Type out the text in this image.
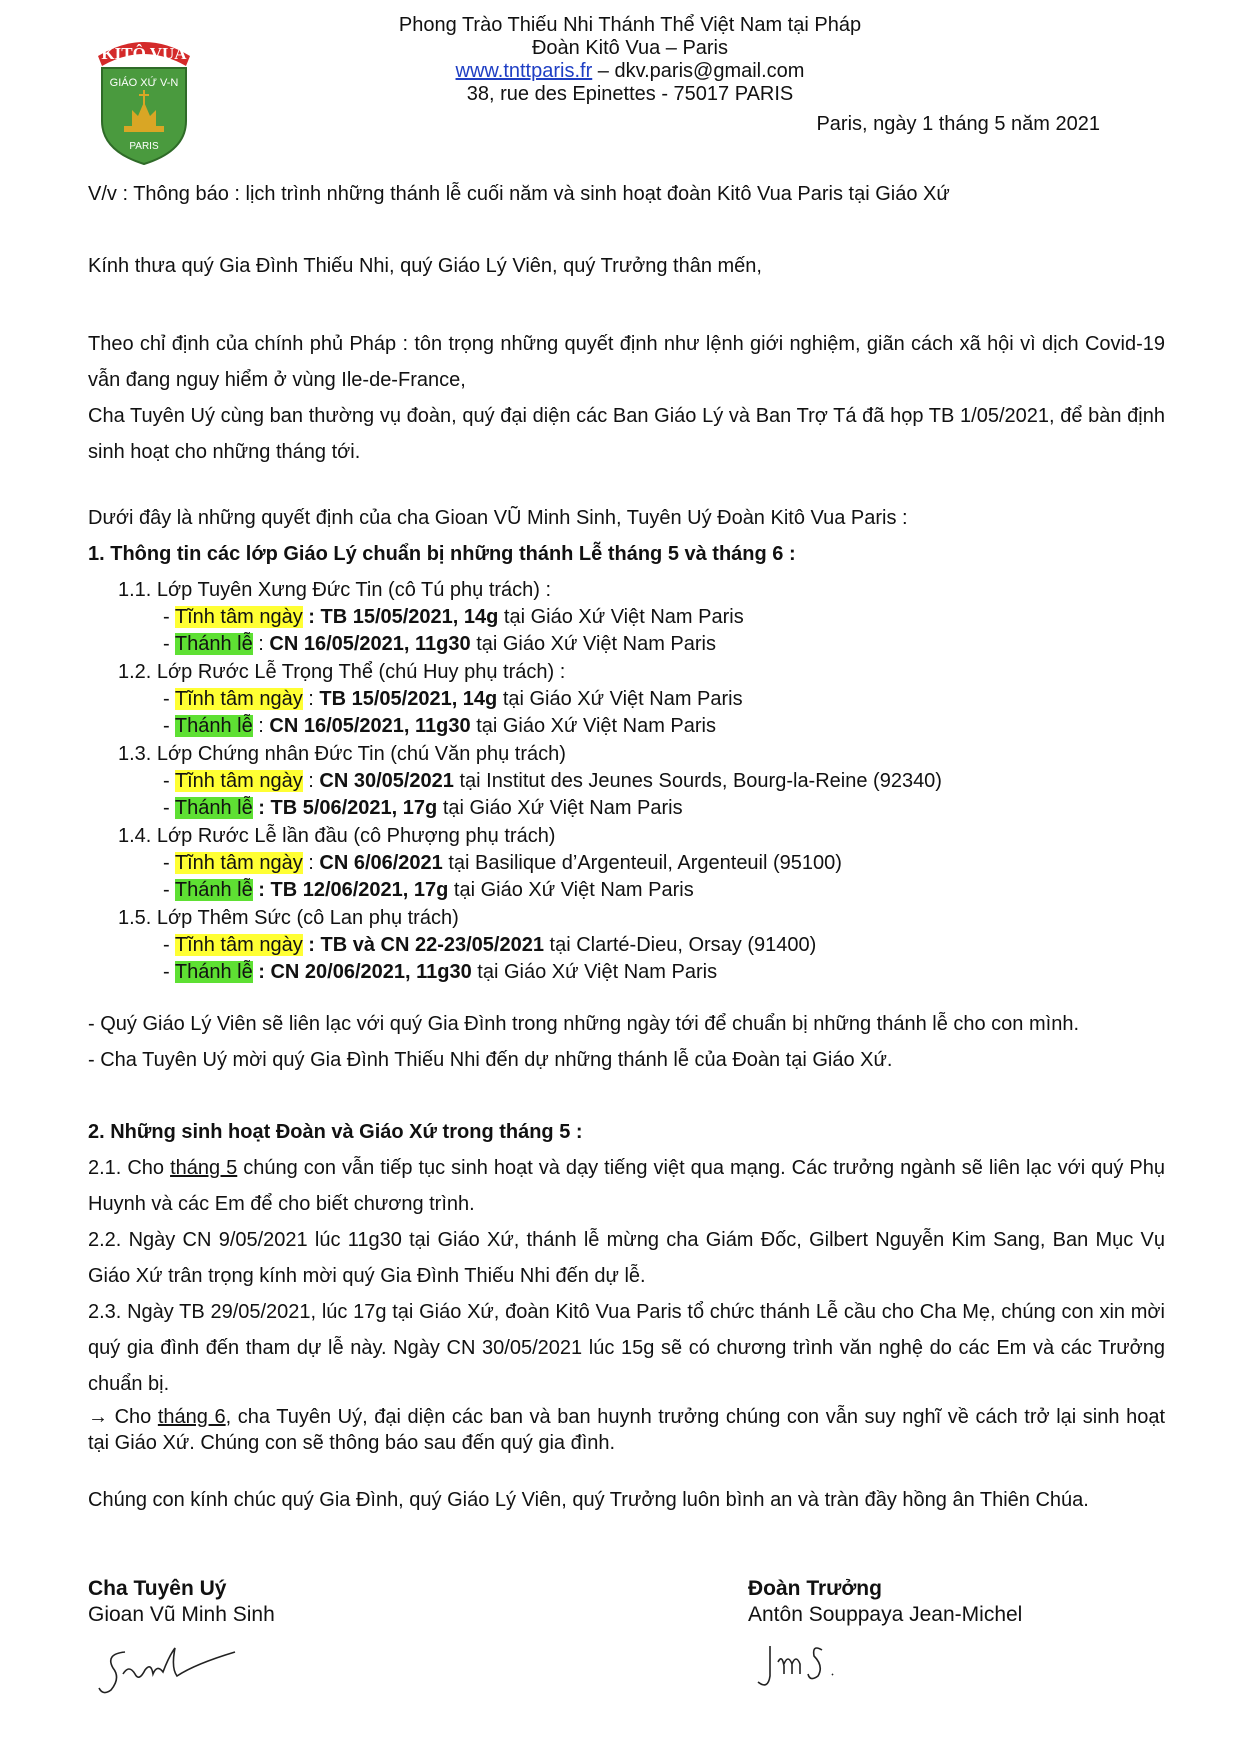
KITÔ VUA
GIÁO XỨ V-N
PARIS
Phong Trào Thiếu Nhi Thánh Thể Việt Nam tại Pháp
Đoàn Kitô Vua – Paris
www.tnttparis.fr – dkv.paris@gmail.com
38, rue des Epinettes - 75017 PARIS
Paris, ngày 1 tháng 5 năm 2021
V/v : Thông báo : lịch trình những thánh lễ cuối năm và sinh hoạt đoàn Kitô Vua Paris tại Giáo Xứ
Kính thưa quý Gia Đình Thiếu Nhi, quý Giáo Lý Viên, quý Trưởng thân mến,
Theo chỉ định của chính phủ Pháp : tôn trọng những quyết định như lệnh giới nghiệm, giãn cách xã hội vì dịch Covid-19 vẫn đang nguy hiểm ở vùng Ile-de-France,
Cha Tuyên Uý cùng ban thường vụ đoàn, quý đại diện các Ban Giáo Lý và Ban Trợ Tá đã họp TB 1/05/2021, để bàn định sinh hoạt cho những tháng tới.
Dưới đây là những quyết định của cha Gioan VŨ Minh Sinh, Tuyên Uý Đoàn Kitô Vua Paris :
1. Thông tin các lớp Giáo Lý chuẩn bị những thánh Lễ tháng 5 và tháng 6 :
1.1. Lớp Tuyên Xưng Đức Tin (cô Tú phụ trách) :
- Tĩnh tâm ngày : TB 15/05/2021, 14g tại Giáo Xứ Việt Nam Paris
- Thánh lễ : CN 16/05/2021, 11g30 tại Giáo Xứ Việt Nam Paris
1.2. Lớp Rước Lễ Trọng Thể (chú Huy phụ trách) :
- Tĩnh tâm ngày : TB 15/05/2021, 14g tại Giáo Xứ Việt Nam Paris
- Thánh lễ : CN 16/05/2021, 11g30 tại Giáo Xứ Việt Nam Paris
1.3. Lớp Chứng nhân Đức Tin (chú Văn phụ trách)
- Tĩnh tâm ngày : CN 30/05/2021 tại Institut des Jeunes Sourds, Bourg-la-Reine (92340)
- Thánh lễ : TB 5/06/2021, 17g tại Giáo Xứ Việt Nam Paris
1.4. Lớp Rước Lễ lần đầu (cô Phượng phụ trách)
- Tĩnh tâm ngày : CN 6/06/2021 tại Basilique d’Argenteuil, Argenteuil (95100)
- Thánh lễ : TB 12/06/2021, 17g tại Giáo Xứ Việt Nam Paris
1.5. Lớp Thêm Sức (cô Lan phụ trách)
- Tĩnh tâm ngày : TB và CN 22-23/05/2021 tại Clarté-Dieu, Orsay (91400)
- Thánh lễ : CN 20/06/2021, 11g30 tại Giáo Xứ Việt Nam Paris
- Quý Giáo Lý Viên sẽ liên lạc với quý Gia Đình trong những ngày tới để chuẩn bị những thánh lễ cho con mình.
- Cha Tuyên Uý mời quý Gia Đình Thiếu Nhi đến dự những thánh lễ của Đoàn tại Giáo Xứ.
2. Những sinh hoạt Đoàn và Giáo Xứ trong tháng 5 :
2.1. Cho tháng 5 chúng con vẫn tiếp tục sinh hoạt và dạy tiếng việt qua mạng. Các trưởng ngành sẽ liên lạc với quý Phụ Huynh và các Em để cho biết chương trình.
2.2. Ngày CN 9/05/2021 lúc 11g30 tại Giáo Xứ, thánh lễ mừng cha Giám Đốc, Gilbert Nguyễn Kim Sang, Ban Mục Vụ Giáo Xứ trân trọng kính mời quý Gia Đình Thiếu Nhi đến dự lễ.
2.3. Ngày TB 29/05/2021, lúc 17g tại Giáo Xứ, đoàn Kitô Vua Paris tổ chức thánh Lễ cầu cho Cha Mẹ, chúng con xin mời quý gia đình đến tham dự lễ này. Ngày CN 30/05/2021 lúc 15g sẽ có chương trình văn nghệ do các Em và các Trưởng chuẩn bị.
→ Cho tháng 6, cha Tuyên Uý, đại diện các ban và ban huynh trưởng chúng con vẫn suy nghĩ về cách trở lại sinh hoạt tại Giáo Xứ. Chúng con sẽ thông báo sau đến quý gia đình.
Chúng con kính chúc quý Gia Đình, quý Giáo Lý Viên, quý Trưởng luôn bình an và tràn đầy hồng ân Thiên Chúa.
Cha Tuyên Uý
Gioan Vũ Minh Sinh
Đoàn Trưởng
Antôn Souppaya Jean-Michel
